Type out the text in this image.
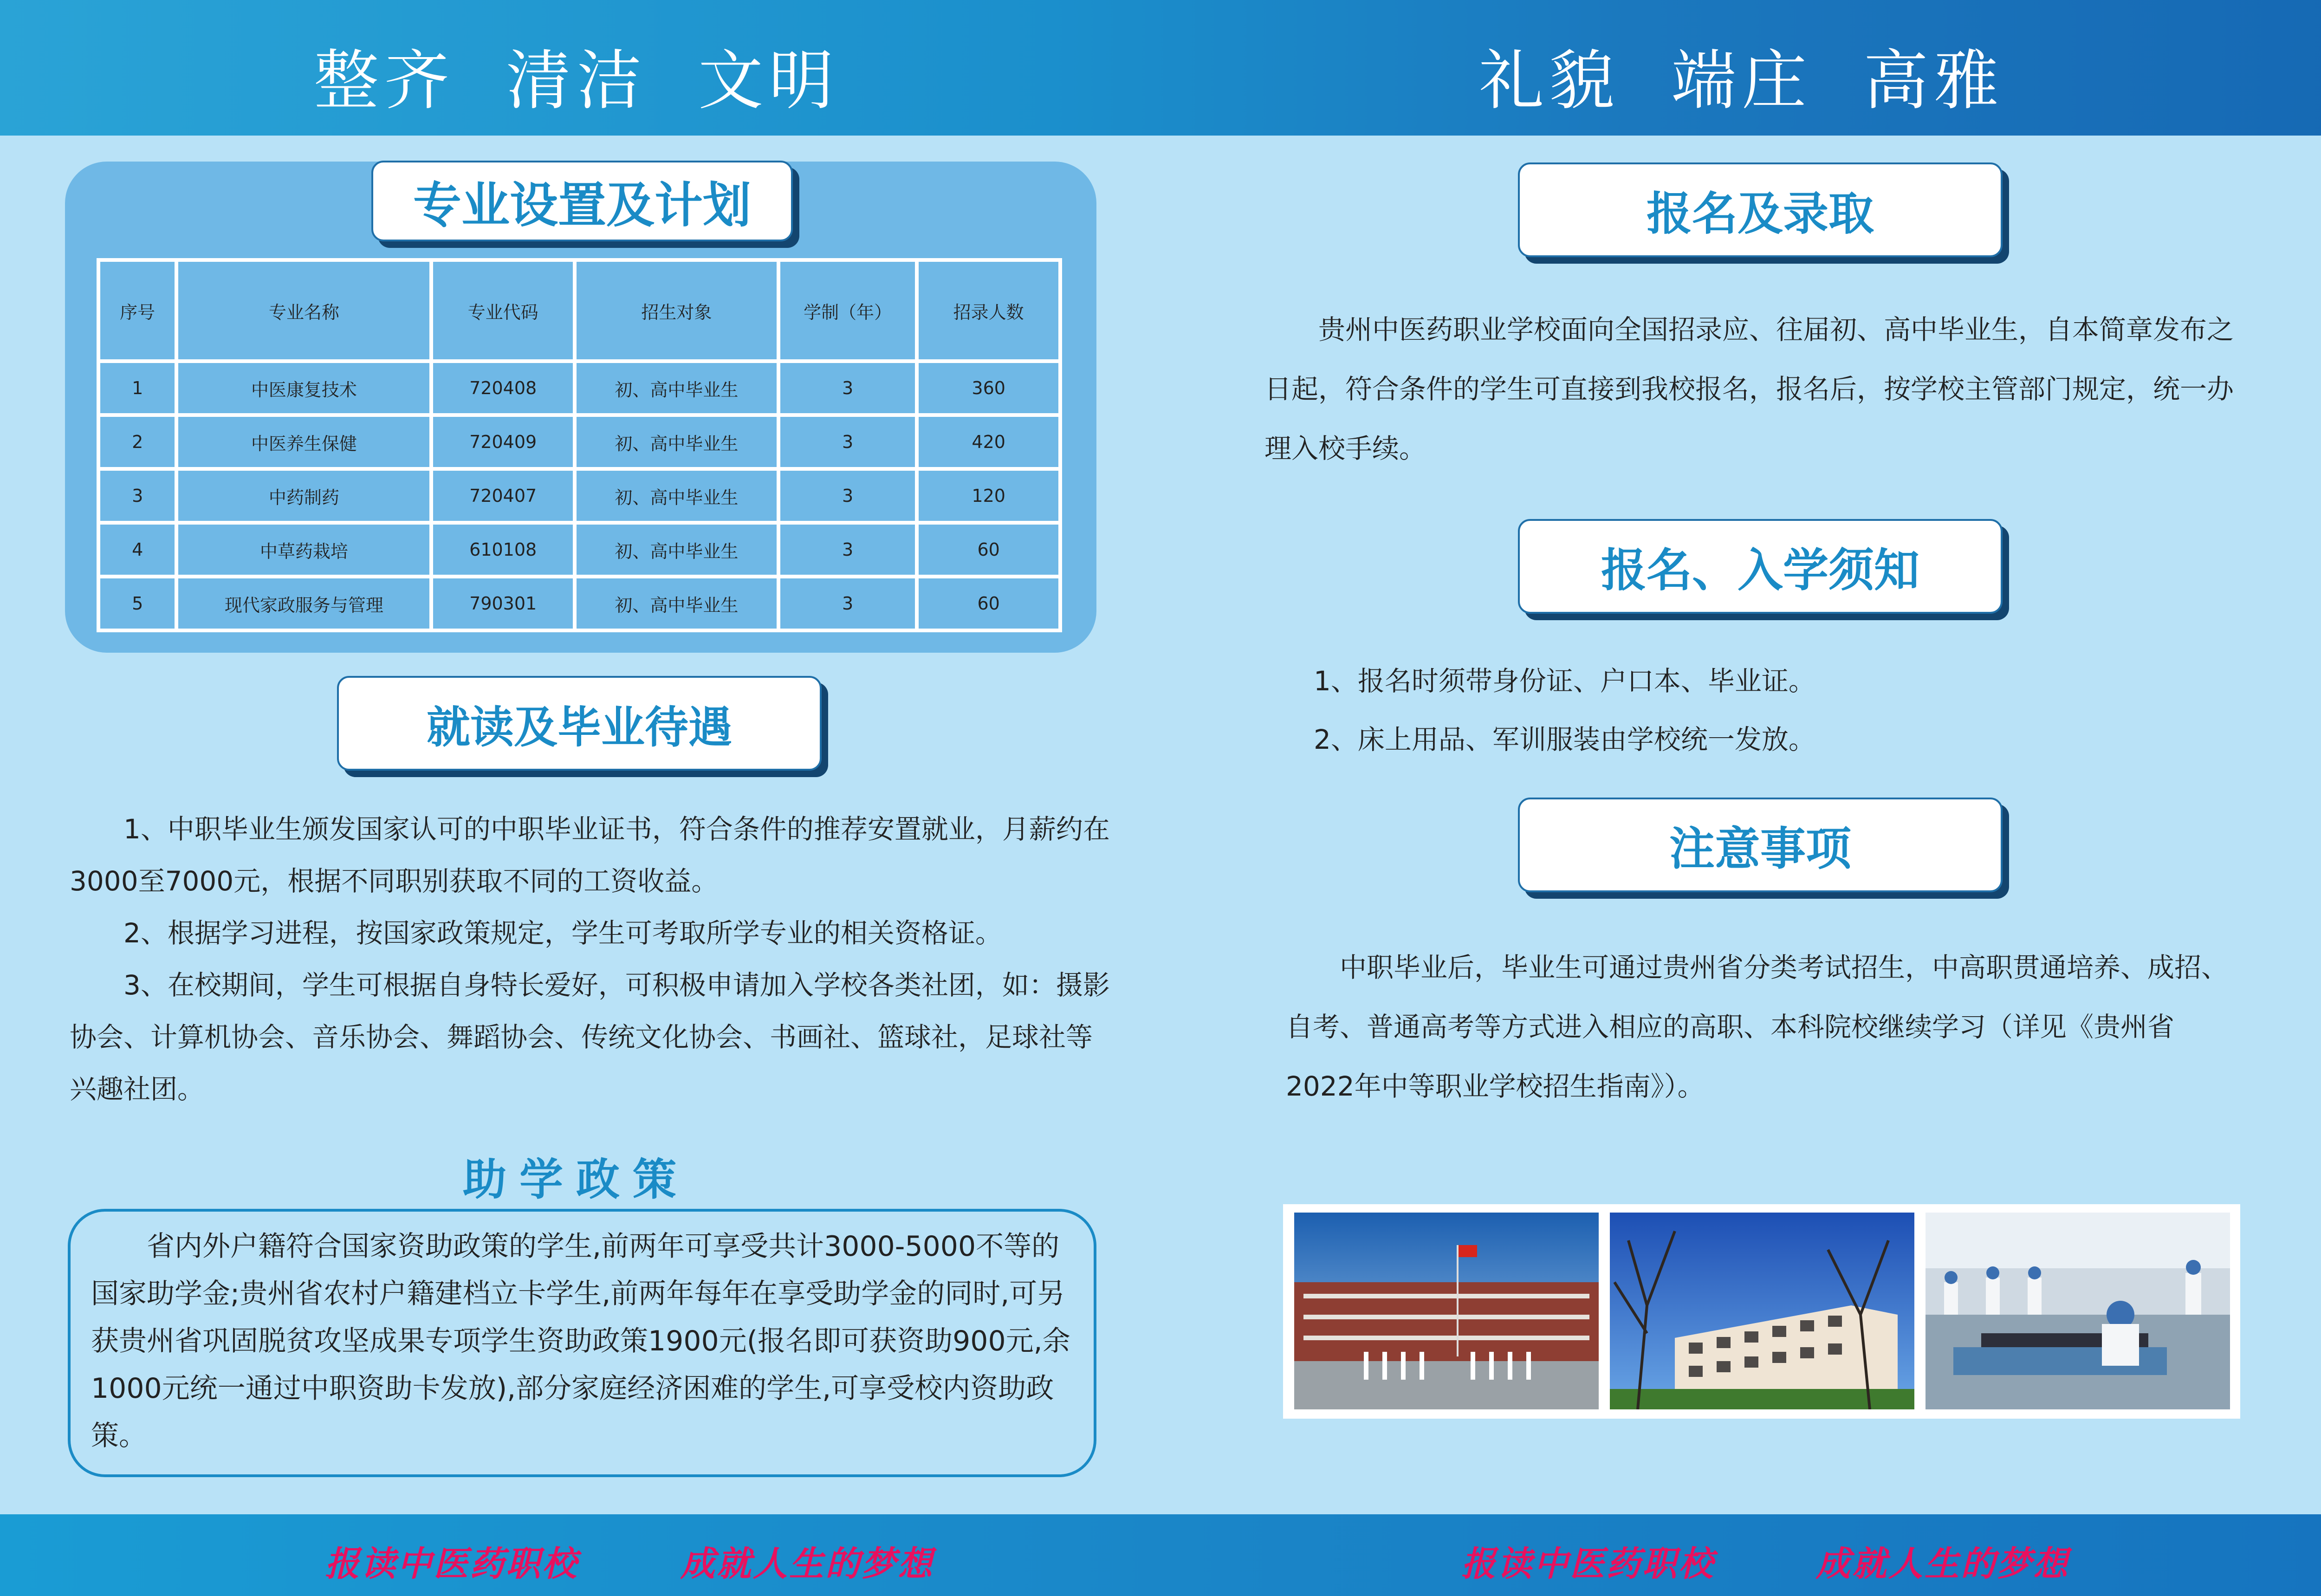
整齐 清洁 文明	礼貌 端庄 高雅
专业设置及计划
序号	专业名称	专业代码	招生对象	学制（年）	招录人数
1	中医康复技术	720408	初、高中毕业生	3	360
2	中医养生保健	720409	初、高中毕业生	3	420
3	中药制药	720407	初、高中毕业生	3	120
4	中草药栽培	610108	初、高中毕业生	3	60
5	现代家政服务与管理	790301	初、高中毕业生	3	60
就读及毕业待遇
1、中职毕业生颁发国家认可的中职毕业证书，符合条件的推荐安置就业，月薪约在3000至7000元，根据不同职别获取不同的工资收益。
2、根据学习进程，按国家政策规定，学生可考取所学专业的相关资格证。
3、在校期间，学生可根据自身特长爱好，可积极申请加入学校各类社团，如：摄影协会、计算机协会、音乐协会、舞蹈协会、传统文化协会、书画社、篮球社，足球社等兴趣社团。
助学政策
省内外户籍符合国家资助政策的学生,前两年可享受共计3000-5000不等的国家助学金;贵州省农村户籍建档立卡学生,前两年每年在享受助学金的同时,可另获贵州省巩固脱贫攻坚成果专项学生资助政策1900元(报名即可获资助900元,余1000元统一通过中职资助卡发放),部分家庭经济困难的学生,可享受校内资助政策。
报名及录取
贵州中医药职业学校面向全国招录应、往届初、高中毕业生，自本简章发布之日起，符合条件的学生可直接到我校报名，报名后，按学校主管部门规定，统一办理入校手续。
报名、入学须知
1、报名时须带身份证、户口本、毕业证。
2、床上用品、军训服装由学校统一发放。
注意事项
中职毕业后，毕业生可通过贵州省分类考试招生，中高职贯通培养、成招、自考、普通高考等方式进入相应的高职、本科院校继续学习（详见《贵州省2022年中等职业学校招生指南》）。
报读中医药职校	成就人生的梦想	报读中医药职校	成就人生的梦想
